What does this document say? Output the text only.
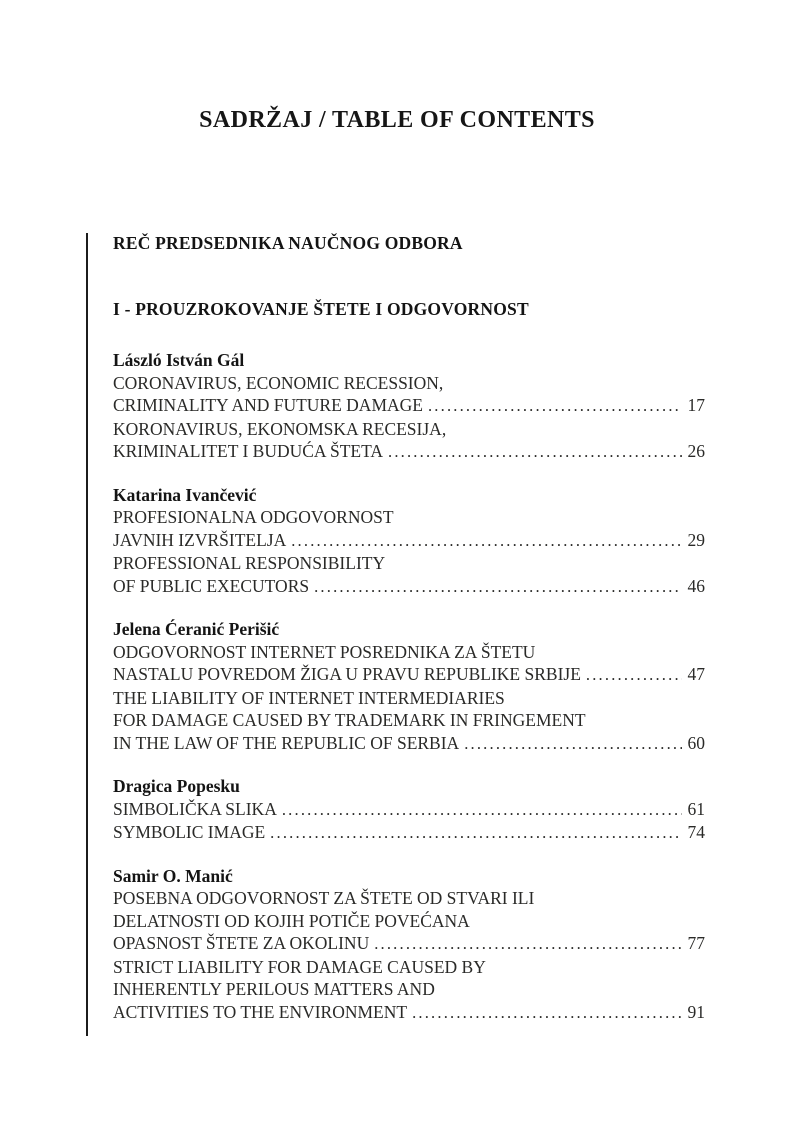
SADRŽAJ / TABLE OF CONTENTS
REČ PREDSEDNIKA NAUČNOG ODBORA
I - PROUZROKOVANJE ŠTETE I ODGOVORNOST
László István Gál
CORONAVIRUS, ECONOMIC RECESSION,
CRIMINALITY AND FUTURE DAMAGE .....	17
KORONAVIRUS, EKONOMSKA RECESIJA,
KRIMINALITET I BUDUĆA ŠTETA .....	26
Katarina Ivančević
PROFESIONALNA ODGOVORNOST
JAVNIH IZVRŠITELJA .....	29
PROFESSIONAL RESPONSIBILITY
OF PUBLIC EXECUTORS .....	46
Jelena Ćeranić Perišić
ODGOVORNOST INTERNET POSREDNIKA ZA ŠTETU
NASTALU POVREDOM ŽIGA U PRAVU REPUBLIKE SRBIJE .....	47
THE LIABILITY OF INTERNET INTERMEDIARIES
FOR DAMAGE CAUSED BY TRADEMARK IN FRINGEMENT
IN THE LAW OF THE REPUBLIC OF SERBIA .....	60
Dragica Popesku
SIMBOLIČKA SLIKA .....	61
SYMBOLIC IMAGE .....	74
Samir O. Manić
POSEBNA ODGOVORNOST ZA ŠTETE OD STVARI ILI
DELATNOSTI OD KOJIH POTIČE POVEĆANA
OPASNOST ŠTETE ZA OKOLINU .....	77
STRICT LIABILITY FOR DAMAGE CAUSED BY
INHERENTLY PERILOUS MATTERS AND
ACTIVITIES TO THE ENVIRONMENT .....	91
